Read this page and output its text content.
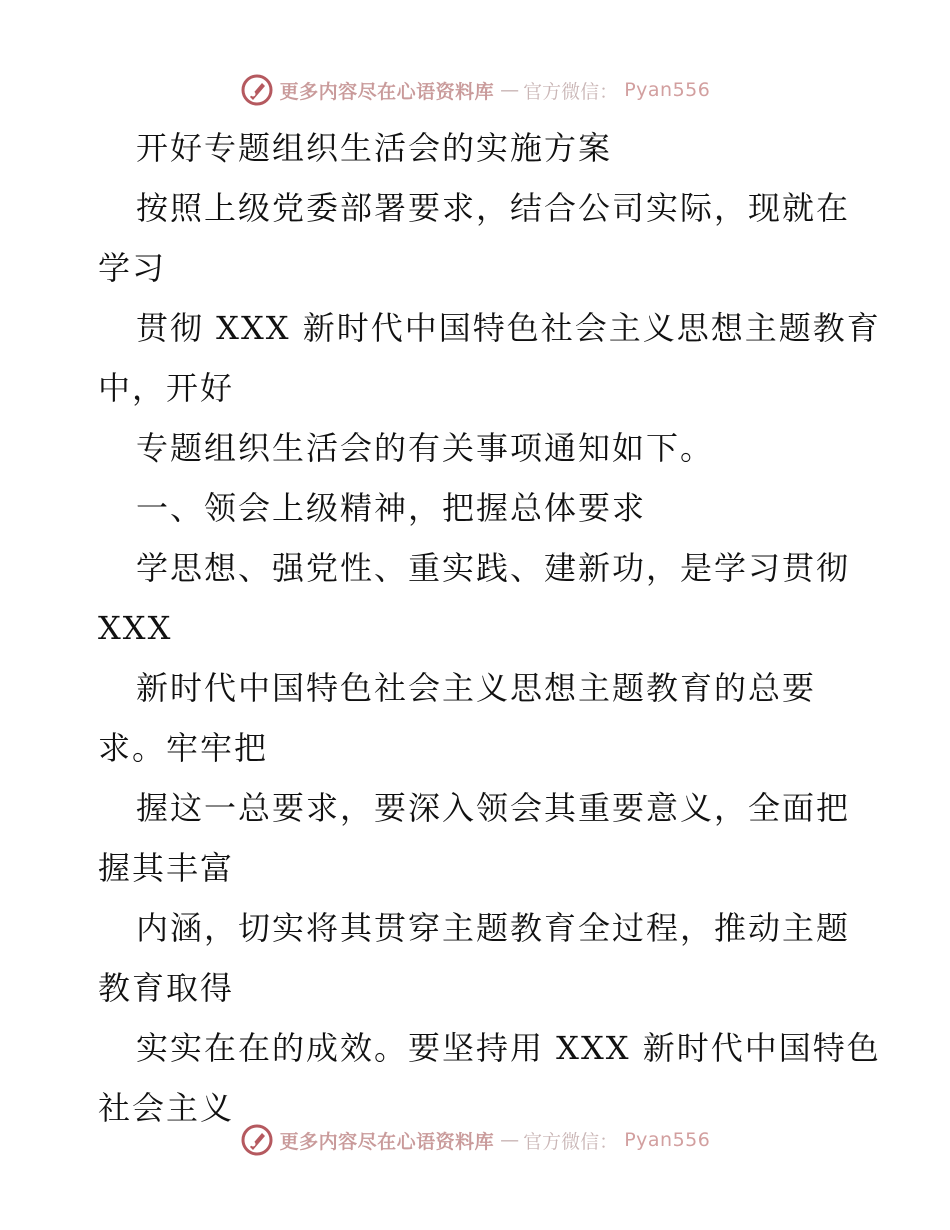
更多内容尽在心语资料库 — 官方微信： Pyan556
开好专题组织生活会的实施方案
按照上级党委部署要求，结合公司实际，现就在
学习
贯彻 XXX 新时代中国特色社会主义思想主题教育
中，开好
专题组织生活会的有关事项通知如下。
一、领会上级精神，把握总体要求
学思想、强党性、重实践、建新功，是学习贯彻
XXX
新时代中国特色社会主义思想主题教育的总要
求。牢牢把
握这一总要求，要深入领会其重要意义，全面把
握其丰富
内涵，切实将其贯穿主题教育全过程，推动主题
教育取得
实实在在的成效。要坚持用 XXX 新时代中国特色
社会主义
更多内容尽在心语资料库 — 官方微信： Pyan556
